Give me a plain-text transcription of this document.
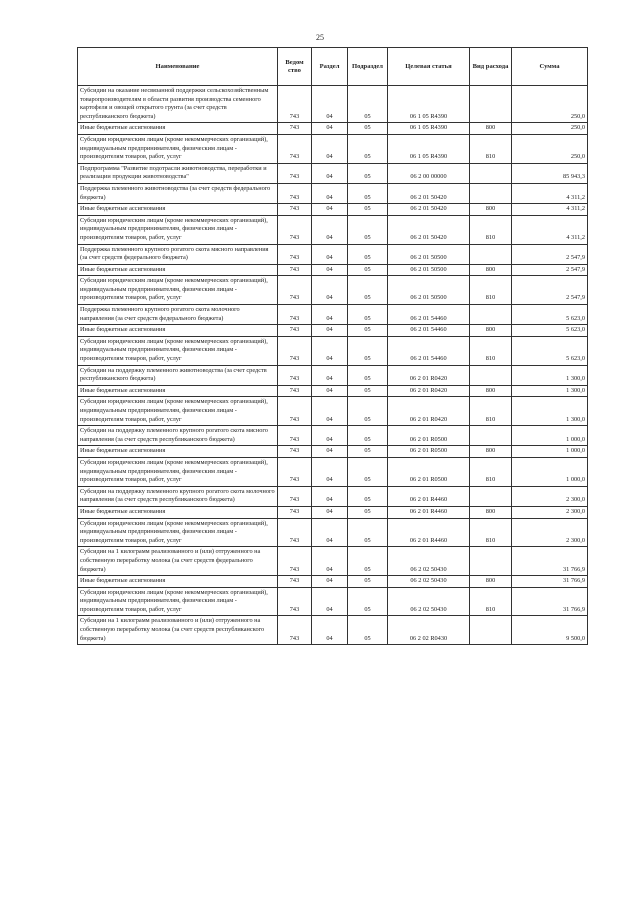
25
Наименование	Ведом ство	Раздел	Подраздел	Целевая статья	Вид расхода	Сумма
Субсидии на оказание несвязанной поддержки сельскохозяйственным товаропроизводителям в области развития производства семенного картофеля и овощей открытого грунта (за счет средств республиканского бюджета)	743	04	05	06 1 05 R4390		250,0
Иные бюджетные ассигнования	743	04	05	06 1 05 R4390	800	250,0
Субсидии юридическим лицам (кроме некоммерческих организаций), индивидуальным предпринимателям, физическим лицам - производителям товаров, работ, услуг	743	04	05	06 1 05 R4390	810	250,0
Подпрограмма "Развитие подотрасли животноводства, переработки и реализации продукции животноводства"	743	04	05	06 2 00 00000		85 943,3
Поддержка племенного животноводства (за счет средств федерального бюджета)	743	04	05	06 2 01 50420		4 311,2
Иные бюджетные ассигнования	743	04	05	06 2 01 50420	800	4 311,2
Субсидии юридическим лицам (кроме некоммерческих организаций), индивидуальным предпринимателям, физическим лицам - производителям товаров, работ, услуг	743	04	05	06 2 01 50420	810	4 311,2
Поддержка племенного крупного рогатого скота мясного направления (за счет средств федерального бюджета)	743	04	05	06 2 01 50500		2 547,9
Иные бюджетные ассигнования	743	04	05	06 2 01 50500	800	2 547,9
Субсидии юридическим лицам (кроме некоммерческих организаций), индивидуальным предпринимателям, физическим лицам - производителям товаров, работ, услуг	743	04	05	06 2 01 50500	810	2 547,9
Поддержка племенного крупного рогатого скота молочного направления (за счет средств федерального бюджета)	743	04	05	06 2 01 54460		5 623,0
Иные бюджетные ассигнования	743	04	05	06 2 01 54460	800	5 623,0
Субсидии юридическим лицам (кроме некоммерческих организаций), индивидуальным предпринимателям, физическим лицам - производителям товаров, работ, услуг	743	04	05	06 2 01 54460	810	5 623,0
Субсидии на поддержку племенного животноводства (за счет средств республиканского бюджета)	743	04	05	06 2 01 R0420		1 300,0
Иные бюджетные ассигнования	743	04	05	06 2 01 R0420	800	1 300,0
Субсидии юридическим лицам (кроме некоммерческих организаций), индивидуальным предпринимателям, физическим лицам - производителям товаров, работ, услуг	743	04	05	06 2 01 R0420	810	1 300,0
Субсидии на поддержку племенного крупного рогатого скота мясного направления (за счет средств республиканского бюджета)	743	04	05	06 2 01 R0500		1 000,0
Иные бюджетные ассигнования	743	04	05	06 2 01 R0500	800	1 000,0
Субсидии юридическим лицам (кроме некоммерческих организаций), индивидуальным предпринимателям, физическим лицам - производителям товаров, работ, услуг	743	04	05	06 2 01 R0500	810	1 000,0
Субсидии на поддержку племенного крупного рогатого скота молочного направления (за счет средств республиканского бюджета)	743	04	05	06 2 01 R4460		2 300,0
Иные бюджетные ассигнования	743	04	05	06 2 01 R4460	800	2 300,0
Субсидии юридическим лицам (кроме некоммерческих организаций), индивидуальным предпринимателям, физическим лицам - производителям товаров, работ, услуг	743	04	05	06 2 01 R4460	810	2 300,0
Субсидии на 1 килограмм реализованного и (или) отгруженного на собственную переработку молока (за счет средств федерального бюджета)	743	04	05	06 2 02 50430		31 766,9
Иные бюджетные ассигнования	743	04	05	06 2 02 50430	800	31 766,9
Субсидии юридическим лицам (кроме некоммерческих организаций), индивидуальным предпринимателям, физическим лицам - производителям товаров, работ, услуг	743	04	05	06 2 02 50430	810	31 766,9
Субсидии на 1 килограмм реализованного и (или) отгруженного на собственную переработку молока (за счет средств республиканского бюджета)	743	04	05	06 2 02 R0430		9 500,0
